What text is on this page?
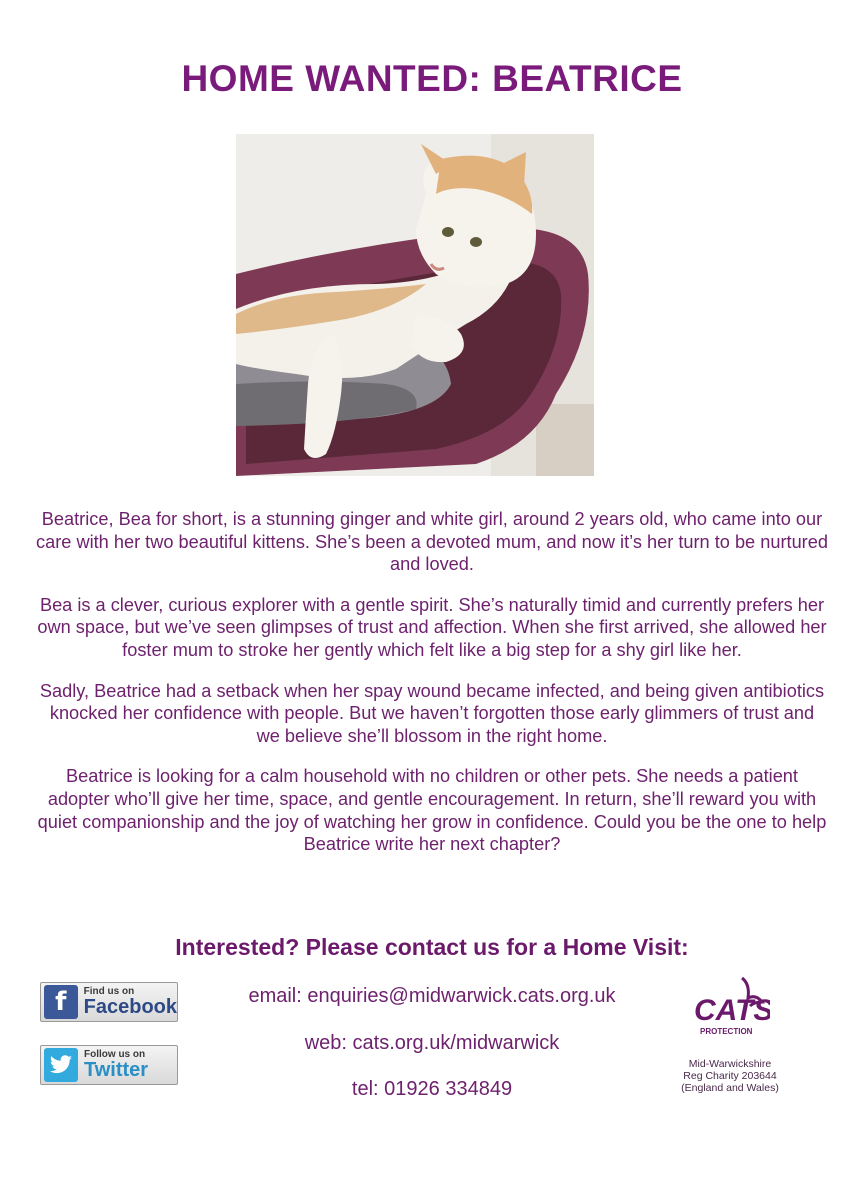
HOME WANTED: BEATRICE

Beatrice, Bea for short, is a stunning ginger and white girl, around 2 years old, who came into our care with her two beautiful kittens. She’s been a devoted mum, and now it’s her turn to be nurtured and loved.

Bea is a clever, curious explorer with a gentle spirit. She’s naturally timid and currently prefers her own space, but we’ve seen glimpses of trust and affection. When she first arrived, she allowed her foster mum to stroke her gently which felt like a big step for a shy girl like her.

Sadly, Beatrice had a setback when her spay wound became infected, and being given antibiotics knocked her confidence with people. But we haven’t forgotten those early glimmers of trust and we believe she’ll blossom in the right home.

Beatrice is looking for a calm household with no children or other pets. She needs a patient adopter who’ll give her time, space, and gentle encouragement. In return, she’ll reward you with quiet companionship and the joy of watching her grow in confidence. Could you be the one to help Beatrice write her next chapter?

Interested? Please contact us for a Home Visit:
email: enquiries@midwarwick.cats.org.uk
web: cats.org.uk/midwarwick
tel: 01926 334849
f	Find us on
Facebook
Follow us on
Twitter
CATS
PROTECTION
Mid-Warwickshire
Reg Charity 203644
(England and Wales)
